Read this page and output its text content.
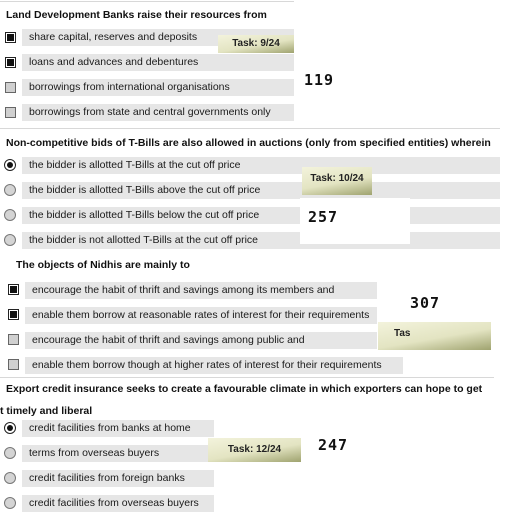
Land Development Banks raise their resources from
share capital, reserves and deposits
loans and advances and debentures
borrowings from international organisations
borrowings from state and central governments only
Task: 9/24
119
Non-competitive bids of T-Bills are also allowed in auctions (only from specified entities) wherein
the bidder is allotted T-Bills at the cut off price
the bidder is allotted T-Bills above the cut off price
the bidder is allotted T-Bills below the cut off price
the bidder is not allotted T-Bills at the cut off price
Task: 10/24
257
The objects of Nidhis are mainly to
encourage the habit of thrift and savings among its members and
enable them borrow at reasonable rates of interest for their requirements
encourage the habit of thrift and savings among public and
enable them borrow though at higher rates of interest for their requirements
307
Tas
Export credit insurance seeks to create a favourable climate in which exporters can hope to get
t timely and liberal
credit facilities from banks at home
terms from overseas buyers
credit facilities from foreign banks
credit facilities from overseas buyers
Task: 12/24	247
